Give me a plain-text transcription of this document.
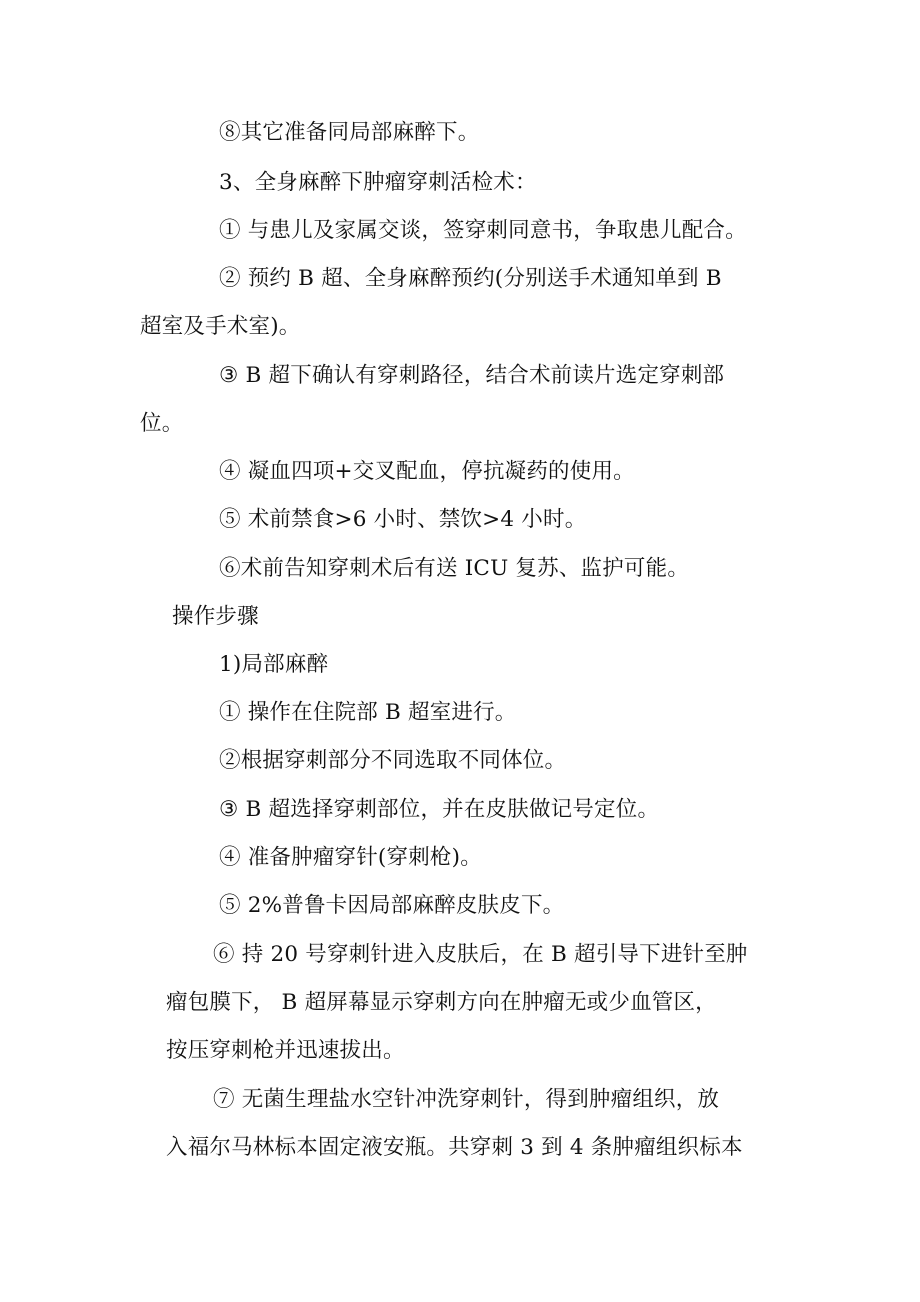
⑧其它准备同局部麻醉下。
3、全身麻醉下肿瘤穿刺活检术：
① 与患儿及家属交谈，签穿刺同意书，争取患儿配合。
② 预约 B 超、全身麻醉预约(分别送手术通知单到 B
超室及手术室)。
③ B 超下确认有穿刺路径，结合术前读片选定穿刺部
位。
④ 凝血四项+交叉配血，停抗凝药的使用。
⑤ 术前禁食>6 小时、禁饮>4 小时。
⑥术前告知穿刺术后有送 ICU 复苏、监护可能。
操作步骤
1)局部麻醉
① 操作在住院部 B 超室进行。
②根据穿刺部分不同选取不同体位。
③ B 超选择穿刺部位，并在皮肤做记号定位。
④ 准备肿瘤穿针(穿刺枪)。
⑤ 2%普鲁卡因局部麻醉皮肤皮下。
⑥ 持 20 号穿刺针进入皮肤后，在 B 超引导下进针至肿
瘤包膜下， B 超屏幕显示穿刺方向在肿瘤无或少血管区，
按压穿刺枪并迅速拔出。
⑦ 无菌生理盐水空针冲洗穿刺针，得到肿瘤组织，放
入福尔马林标本固定液安瓶。共穿刺 3 到 4 条肿瘤组织标本
